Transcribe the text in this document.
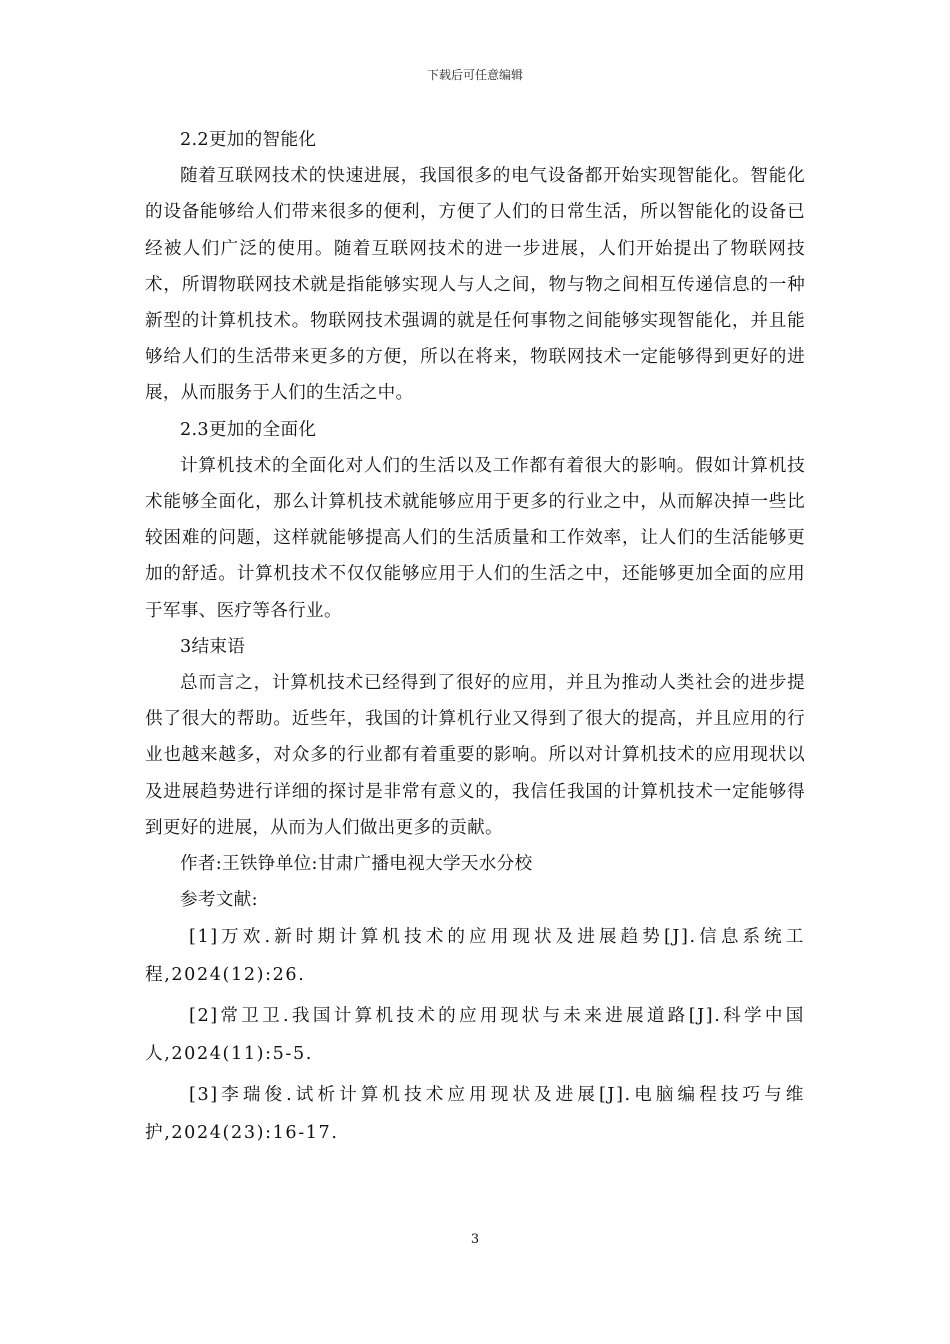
下载后可任意编辑

2.2更加的智能化

随着互联网技术的快速进展，我国很多的电气设备都开始实现智能化。智能化的设备能够给人们带来很多的便利，方便了人们的日常生活，所以智能化的设备已经被人们广泛的使用。随着互联网技术的进一步进展，人们开始提出了物联网技术，所谓物联网技术就是指能够实现人与人之间，物与物之间相互传递信息的一种新型的计算机技术。物联网技术强调的就是任何事物之间能够实现智能化，并且能够给人们的生活带来更多的方便，所以在将来，物联网技术一定能够得到更好的进展，从而服务于人们的生活之中。

2.3更加的全面化

计算机技术的全面化对人们的生活以及工作都有着很大的影响。假如计算机技术能够全面化，那么计算机技术就能够应用于更多的行业之中，从而解决掉一些比较困难的问题，这样就能够提高人们的生活质量和工作效率，让人们的生活能够更加的舒适。计算机技术不仅仅能够应用于人们的生活之中，还能够更加全面的应用于军事、医疗等各行业。

3结束语

总而言之，计算机技术已经得到了很好的应用，并且为推动人类社会的进步提供了很大的帮助。近些年，我国的计算机行业又得到了很大的提高，并且应用的行业也越来越多，对众多的行业都有着重要的影响。所以对计算机技术的应用现状以及进展趋势进行详细的探讨是非常有意义的，我信任我国的计算机技术一定能够得到更好的进展，从而为人们做出更多的贡献。

作者:王铁铮单位:甘肃广播电视大学天水分校

参考文献:

[1]万欢.新时期计算机技术的应用现状及进展趋势[J].信息系统工程,2024(12):26.

[2]常卫卫.我国计算机技术的应用现状与未来进展道路[J].科学中国人,2024(11):5-5.

[3]李瑞俊.试析计算机技术应用现状及进展[J].电脑编程技巧与维护,2024(23):16-17.

3
